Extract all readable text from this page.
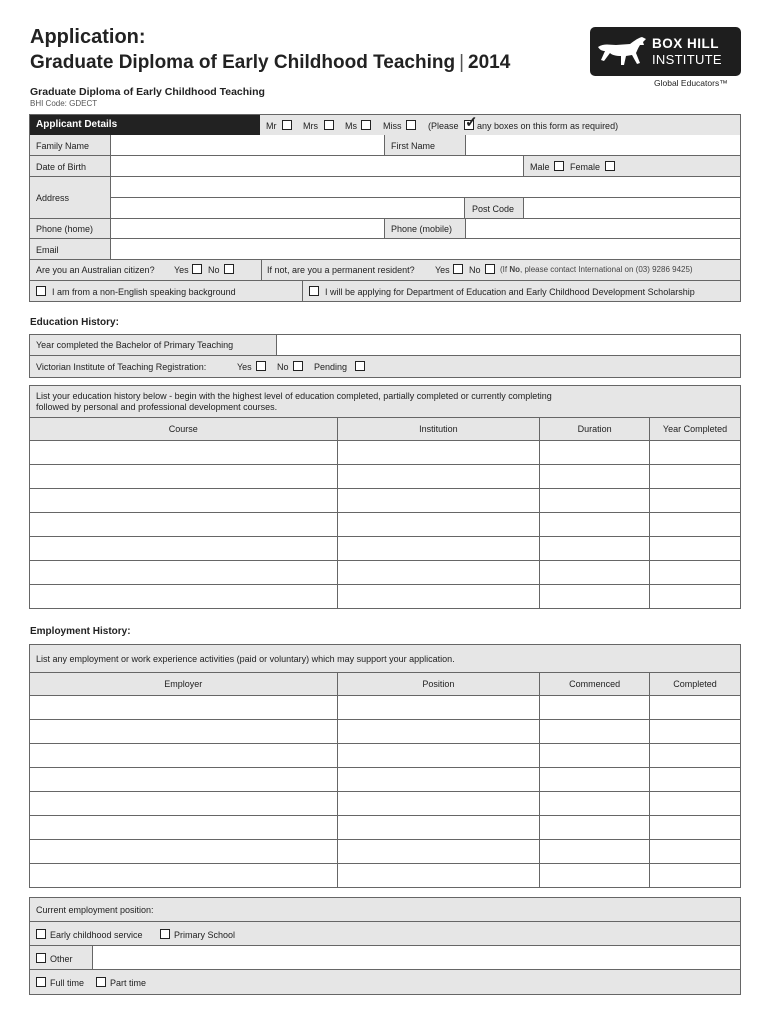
Application:
Graduate Diploma of Early Childhood Teaching | 2014
Graduate Diploma of Early Childhood Teaching
BHI Code: GDECT
BOX HILL
INSTITUTE
Global Educators™
Applicant Details	Mr	Mrs	Ms	Miss	(Please ✓ any boxes on this form as required)
Family Name	First Name
Date of Birth	Male Female
Address
Post Code
Phone (home)	Phone (mobile)
Email
Are you an Australian citizen? Yes No	If not, are you a permanent resident? Yes No (If No, please contact International on (03) 9286 9425)
I am from a non-English speaking background	I will be applying for Department of Education and Early Childhood Development Scholarship
Education History:
Year completed the Bachelor of Primary Teaching
Victorian Institute of Teaching Registration:	Yes	No	Pending
List your education history below - begin with the highest level of education completed, partially completed or currently completing
followed by personal and professional development courses.
Course	Institution	Duration	Year Completed

Employment History:
List any employment or work experience activities (paid or voluntary) which may support your application.
Employer	Position	Commenced	Completed

Current employment position:
Early childhood service	Primary School
Other
Full time	Part time
